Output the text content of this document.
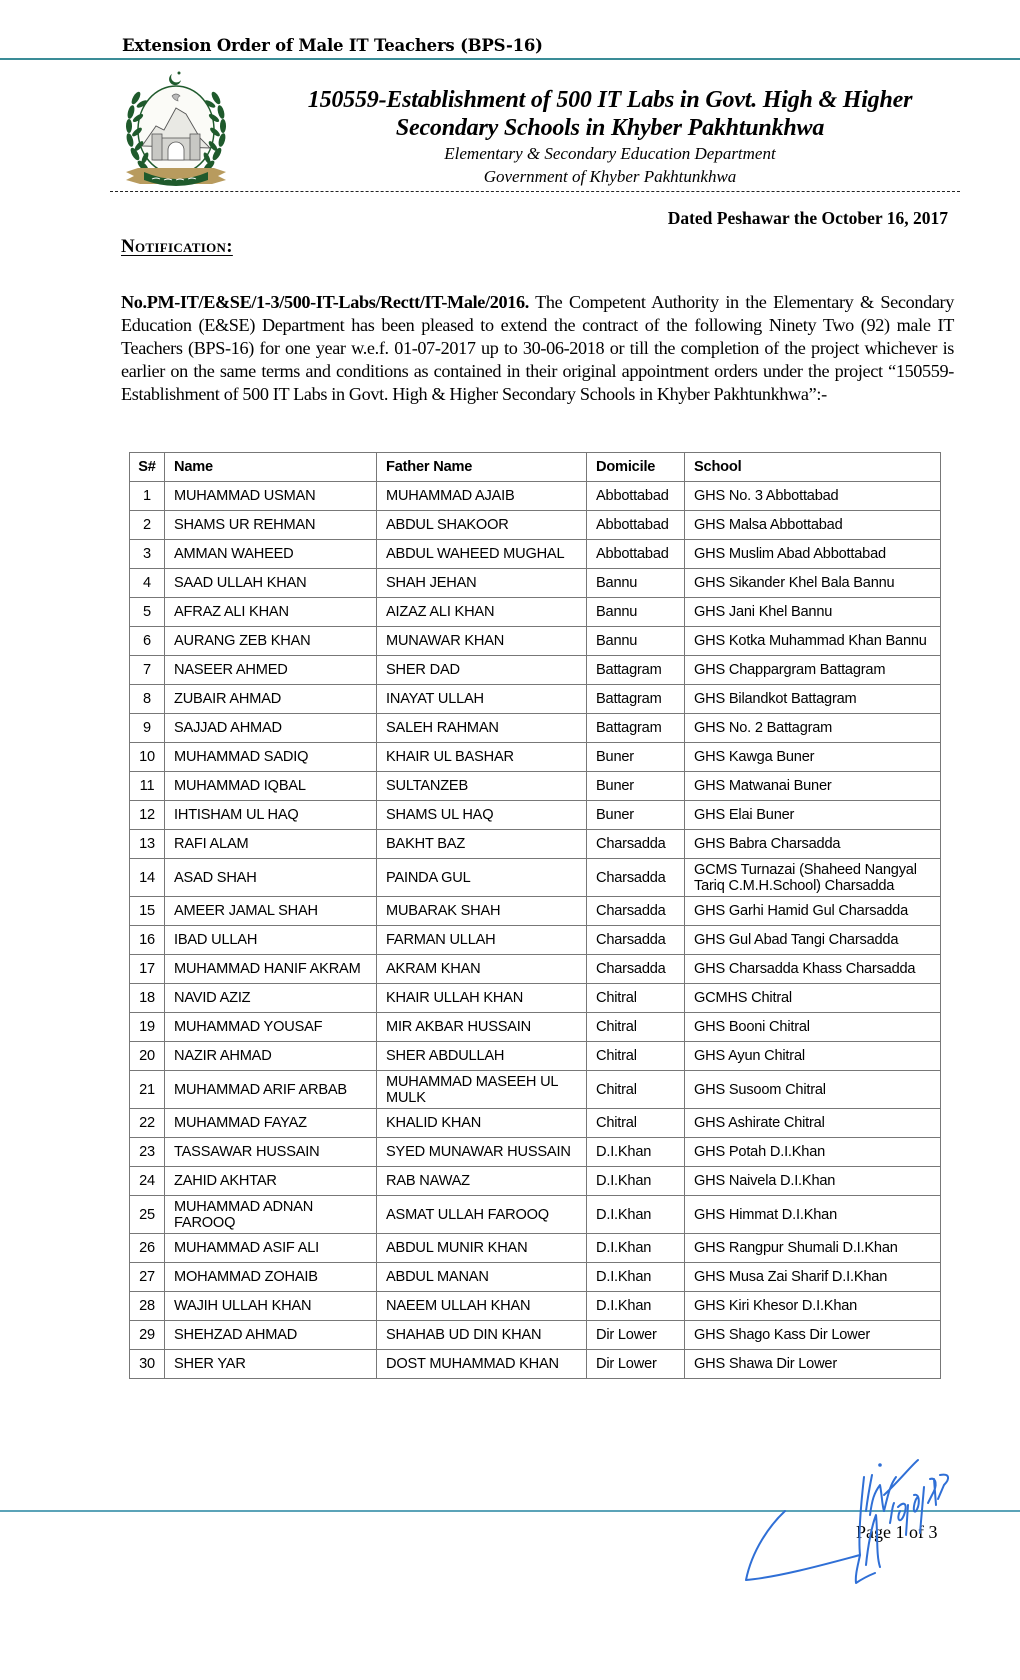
Extension Order of Male IT Teachers (BPS-16)
150559-Establishment of 500 IT Labs in Govt. High & Higher
Secondary Schools in Khyber Pakhtunkhwa
Elementary & Secondary Education Department
Government of Khyber Pakhtunkhwa
Dated Peshawar the October 16, 2017
Notification:
No.PM-IT/E&SE/1-3/500-IT-Labs/Rectt/IT-Male/2016. The Competent Authority in the Elementary & Secondary Education (E&SE) Department has been pleased to extend the contract of the following Ninety Two (92) male IT Teachers (BPS-16) for one year w.e.f. 01-07-2017 up to 30-06-2018 or till the completion of the project whichever is earlier on the same terms and conditions as contained in their original appointment orders under the project “150559-Establishment of 500 IT Labs in Govt. High & Higher Secondary Schools in Khyber Pakhtunkhwa”:-
S#	Name	Father Name	Domicile	School
1	MUHAMMAD USMAN	MUHAMMAD AJAIB	Abbottabad	GHS No. 3 Abbottabad
2	SHAMS UR REHMAN	ABDUL SHAKOOR	Abbottabad	GHS Malsa Abbottabad
3	AMMAN WAHEED	ABDUL WAHEED MUGHAL	Abbottabad	GHS Muslim Abad Abbottabad
4	SAAD ULLAH KHAN	SHAH JEHAN	Bannu	GHS Sikander Khel Bala Bannu
5	AFRAZ ALI KHAN	AIZAZ ALI KHAN	Bannu	GHS Jani Khel Bannu
6	AURANG ZEB KHAN	MUNAWAR KHAN	Bannu	GHS Kotka Muhammad Khan Bannu
7	NASEER AHMED	SHER DAD	Battagram	GHS Chappargram Battagram
8	ZUBAIR AHMAD	INAYAT ULLAH	Battagram	GHS Bilandkot Battagram
9	SAJJAD AHMAD	SALEH RAHMAN	Battagram	GHS No. 2 Battagram
10	MUHAMMAD SADIQ	KHAIR UL BASHAR	Buner	GHS Kawga Buner
11	MUHAMMAD IQBAL	SULTANZEB	Buner	GHS Matwanai Buner
12	IHTISHAM UL HAQ	SHAMS UL HAQ	Buner	GHS Elai Buner
13	RAFI ALAM	BAKHT BAZ	Charsadda	GHS Babra Charsadda
14	ASAD SHAH	PAINDA GUL	Charsadda	GCMS Turnazai (Shaheed Nangyal Tariq C.M.H.School) Charsadda
15	AMEER JAMAL SHAH	MUBARAK SHAH	Charsadda	GHS Garhi Hamid Gul Charsadda
16	IBAD ULLAH	FARMAN ULLAH	Charsadda	GHS Gul Abad Tangi Charsadda
17	MUHAMMAD HANIF AKRAM	AKRAM KHAN	Charsadda	GHS Charsadda Khass Charsadda
18	NAVID AZIZ	KHAIR ULLAH KHAN	Chitral	GCMHS Chitral
19	MUHAMMAD YOUSAF	MIR AKBAR HUSSAIN	Chitral	GHS Booni Chitral
20	NAZIR AHMAD	SHER ABDULLAH	Chitral	GHS Ayun Chitral
21	MUHAMMAD ARIF ARBAB	MUHAMMAD MASEEH UL MULK	Chitral	GHS Susoom Chitral
22	MUHAMMAD FAYAZ	KHALID KHAN	Chitral	GHS Ashirate Chitral
23	TASSAWAR HUSSAIN	SYED MUNAWAR HUSSAIN	D.I.Khan	GHS Potah D.I.Khan
24	ZAHID AKHTAR	RAB NAWAZ	D.I.Khan	GHS Naivela D.I.Khan
25	MUHAMMAD ADNAN FAROOQ	ASMAT ULLAH FAROOQ	D.I.Khan	GHS Himmat D.I.Khan
26	MUHAMMAD ASIF ALI	ABDUL MUNIR KHAN	D.I.Khan	GHS Rangpur Shumali D.I.Khan
27	MOHAMMAD ZOHAIB	ABDUL MANAN	D.I.Khan	GHS Musa Zai Sharif D.I.Khan
28	WAJIH ULLAH KHAN	NAEEM ULLAH KHAN	D.I.Khan	GHS Kiri Khesor D.I.Khan
29	SHEHZAD AHMAD	SHAHAB UD DIN KHAN	Dir Lower	GHS Shago Kass Dir Lower
30	SHER YAR	DOST MUHAMMAD KHAN	Dir Lower	GHS Shawa Dir Lower
Page 1 of 3
